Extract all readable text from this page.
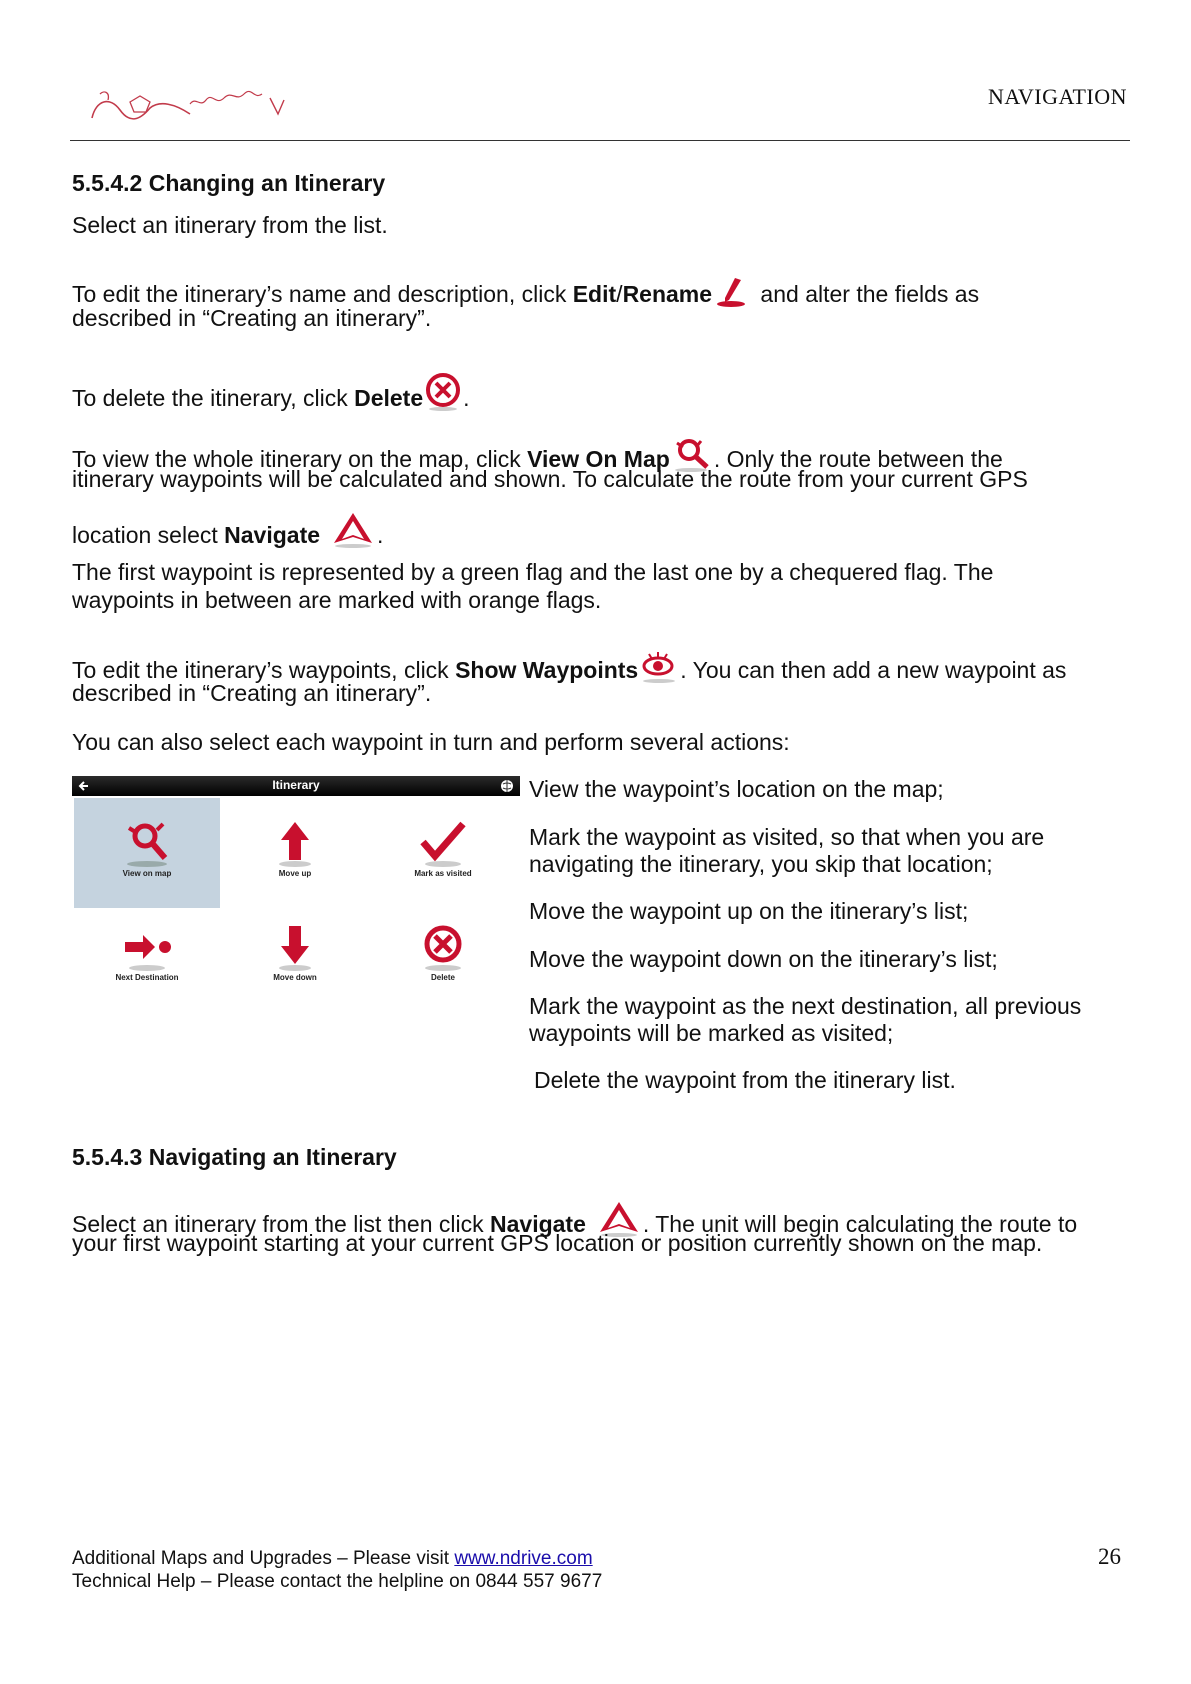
NAVIGATION
5.5.4.2 Changing an Itinerary
Select an itinerary from the list.
To edit the itinerary’s name and description, click Edit/Rename and alter the fields as
described in “Creating an itinerary”.
To delete the itinerary, click Delete .
To view the whole itinerary on the map, click View On Map . Only the route between the
itinerary waypoints will be calculated and shown. To calculate the route from your current GPS
location select Navigate .
The first waypoint is represented by a green flag and the last one by a chequered flag. The
waypoints in between are marked with orange flags.
To edit the itinerary’s waypoints, click Show Waypoints . You can then add a new waypoint as
described in “Creating an itinerary”.
You can also select each waypoint in turn and perform several actions:
Itinerary
View on map	Move up	Mark as visited
Next Destination	Move down	Delete
View the waypoint’s location on the map;
Mark the waypoint as visited, so that when you are
navigating the itinerary, you skip that location;
Move the waypoint up on the itinerary’s list;
Move the waypoint down on the itinerary’s list;
Mark the waypoint as the next destination, all previous
waypoints will be marked as visited;
Delete the waypoint from the itinerary list.
5.5.4.3 Navigating an Itinerary
Select an itinerary from the list then click Navigate . The unit will begin calculating the route to
your first waypoint starting at your current GPS location or position currently shown on the map.
Additional Maps and Upgrades – Please visit www.ndrive.com
Technical Help – Please contact the helpline on 0844 557 9677
26
